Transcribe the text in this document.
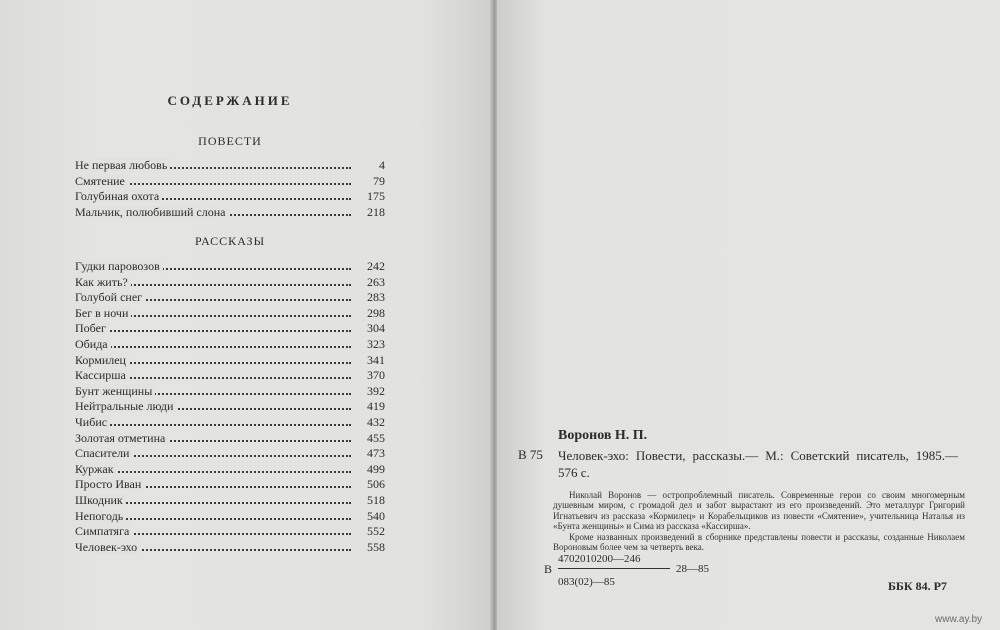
СОДЕРЖАНИЕ
ПОВЕСТИ
Не первая любовь	4
Смятение	79
Голубиная охота	175
Мальчик, полюбивший слона	218
РАССКАЗЫ
Гудки паровозов	242
Как жить?	263
Голубой снег	283
Бег в ночи	298
Побег	304
Обида	323
Кормилец	341
Кассирша	370
Бунт женщины	392
Нейтральные люди	419
Чибис	432
Золотая отметина	455
Спасители	473
Куржак	499
Просто Иван	506
Шкодник	518
Непогодь	540
Симпатяга	552
Человек-эхо	558
В 75
Воронов Н. П.
Человек-эхо: Повести, рассказы.— М.: Советский писатель, 1985.— 576 с.

Николай Воронов — остропроблемный писатель. Современные герои со своим многомерным душевным миром, с громадой дел и забот вырастают из его произведений. Это металлург Григорий Игнатьевич из рассказа «Кормилец» и Корабельщиков из повести «Смятение», учительница Наталья из «Бунта женщины» и Сима из рассказа «Кассирша».

Кроме названных произведений в сборнике представлены повести и рассказы, созданные Николаем Вороновым более чем за четверть века.

В
4702010200—246
28—85
083(02)—85	ББК 84. Р7
www.ay.by
